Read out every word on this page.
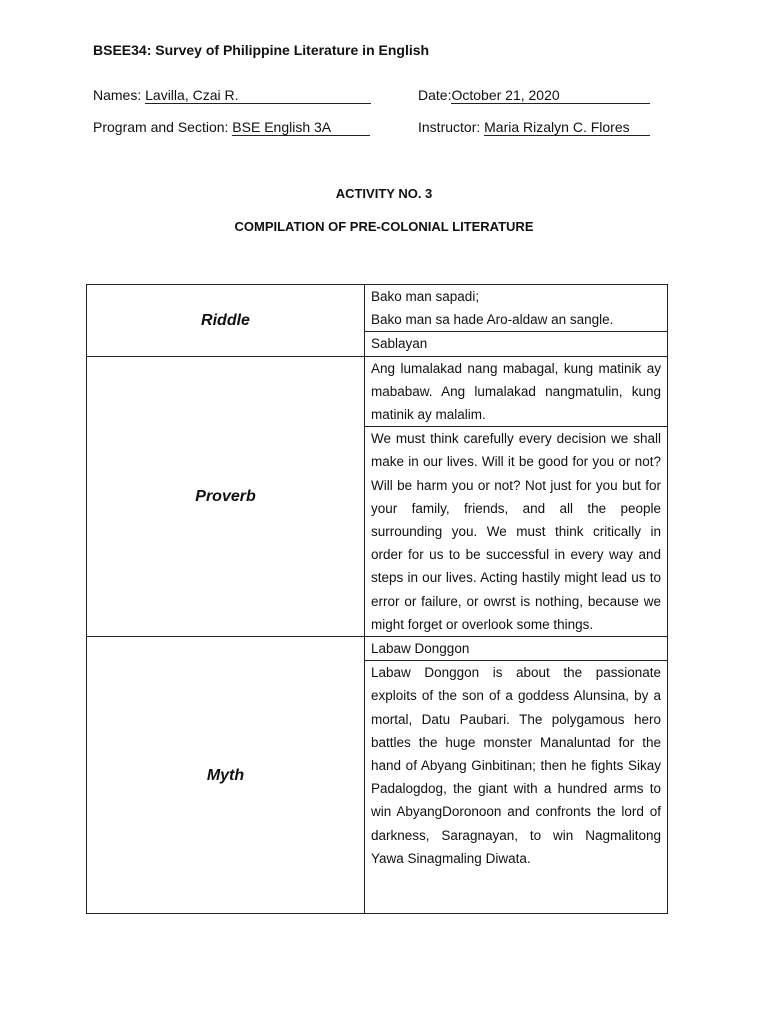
BSEE34: Survey of Philippine Literature in English
Names: Lavilla, Czai R.	Date:October 21, 2020
Program and Section: BSE English 3A	Instructor: Maria Rizalyn C. Flores
ACTIVITY NO. 3
COMPILATION OF PRE-COLONIAL LITERATURE
Riddle	Bako man sapadi;
Bako man sa hade Aro-aldaw an sangle.

	Sablayan
Proverb	Ang lumalakad nang mabagal, kung matinik ay mababaw. Ang lumalakad nangmatulin, kung matinik ay malalim.
	We must think carefully every decision we shall make in our lives. Will it be good for you or not? Will be harm you or not? Not just for you but for your family, friends, and all the people surrounding you. We must think critically in order for us to be successful in every way and steps in our lives. Acting hastily might lead us to error or failure, or owrst is nothing, because we might forget or overlook some things.
Myth	Labaw Donggon
	Labaw Donggon is about the passionate exploits of the son of a goddess Alunsina, by a mortal, Datu Paubari. The polygamous hero battles the huge monster Manaluntad for the hand of Abyang Ginbitinan; then he fights Sikay Padalogdog, the giant with a hundred arms to win AbyangDoronoon and confronts the lord of darkness, Saragnayan, to win Nagmalitong Yawa Sinagmaling Diwata.
